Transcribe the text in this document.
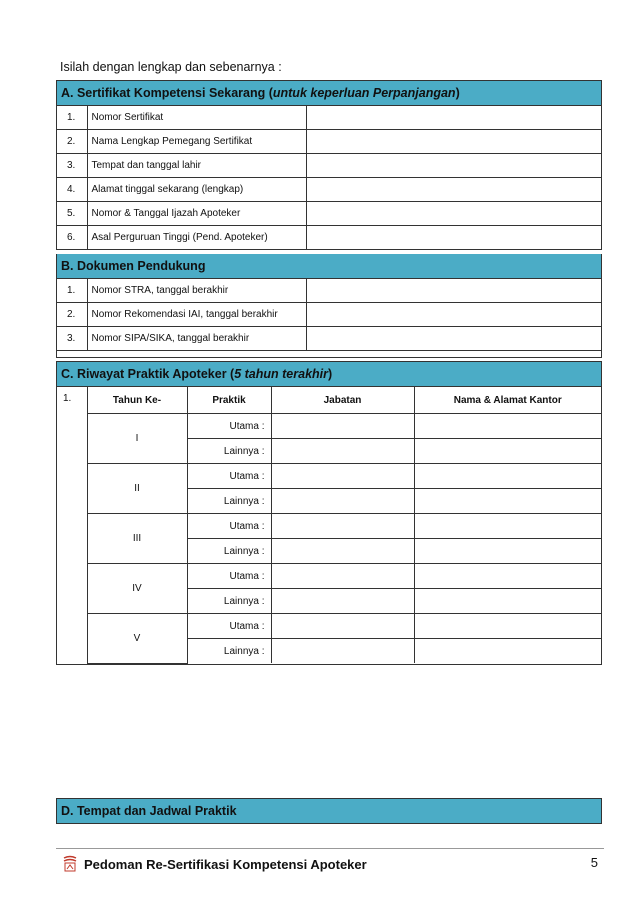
Isilah dengan lengkap dan sebenarnya :
A. Sertifikat Kompetensi Sekarang (untuk keperluan Perpanjangan)
1.	Nomor Sertifikat	
2.	Nama Lengkap Pemegang Sertifikat	
3.	Tempat dan tanggal lahir	
4.	Alamat tinggal sekarang (lengkap)	
5.	Nomor & Tanggal Ijazah Apoteker	
6.	Asal Perguruan Tinggi (Pend. Apoteker)	
B. Dokumen Pendukung
1.	Nomor STRA, tanggal berakhir	
2.	Nomor Rekomendasi IAI, tanggal berakhir	
3.	Nomor SIPA/SIKA, tanggal berakhir	
C. Riwayat Praktik Apoteker (5 tahun terakhir)
1.	Tahun Ke-	Praktik	Jabatan	Nama & Alamat Kantor
	I	Utama :		
		Lainnya :		
	II	Utama :		
		Lainnya :		
	III	Utama :		
		Lainnya :		
	IV	Utama :		
		Lainnya :		
	V	Utama :		
		Lainnya :		
D. Tempat dan Jadwal Praktik
Pedoman Re-Sertifikasi Kompetensi Apoteker	5
